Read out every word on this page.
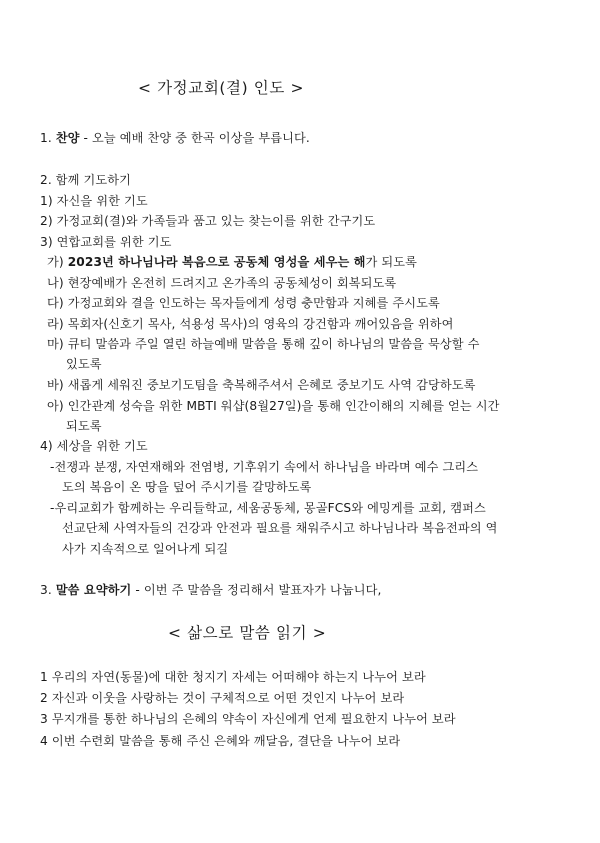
< 가정교회(결) 인도 >
1. 찬양 - 오늘 예배 찬양 중 한곡 이상을 부릅니다.
2. 함께 기도하기
1) 자신을 위한 기도
2) 가정교회(결)와 가족들과 품고 있는 찾는이를 위한 간구기도
3) 연합교회를 위한 기도
가) 2023년 하나님나라 복음으로 공동체 영성을 세우는 해가 되도록
나) 현장예배가 온전히 드려지고 온가족의 공동체성이 회복되도록
다) 가정교회와 결을 인도하는 목자들에게 성령 충만함과 지혜를 주시도록
라) 목회자(신호기 목사, 석용성 목사)의 영육의 강건함과 깨어있음을 위하여
마) 큐티 말씀과 주일 열린 하늘예배 말씀을 통해 깊이 하나님의 말씀을 묵상할 수
있도록
바) 새롭게 세워진 중보기도팀을 축복해주셔서 은혜로 중보기도 사역 감당하도록
아) 인간관계 성숙을 위한 MBTI 워샵(8월27일)을 통해 인간이해의 지혜를 얻는 시간
되도록
4) 세상을 위한 기도
-전쟁과 분쟁, 자연재해와 전염병, 기후위기 속에서 하나님을 바라며 예수 그리스
도의 복음이 온 땅을 덮어 주시기를 갈망하도록
-우리교회가 함께하는 우리들학교, 세움공동체, 몽골FCS와 에밍게를 교회, 캠퍼스
선교단체 사역자들의 건강과 안전과 필요를 채워주시고 하나님나라 복음전파의 역
사가 지속적으로 일어나게 되길
3. 말씀 요약하기 - 이번 주 말씀을 정리해서 발표자가 나눕니다,
< 삶으로 말씀 읽기 >
1 우리의 자연(동물)에 대한 청지기 자세는 어떠해야 하는지 나누어 보라
2 자신과 이웃을 사랑하는 것이 구체적으로 어떤 것인지 나누어 보라
3 무지개를 통한 하나님의 은혜의 약속이 자신에게 언제 필요한지 나누어 보라
4 이번 수련회 말씀을 통해 주신 은혜와 깨달음, 결단을 나누어 보라
